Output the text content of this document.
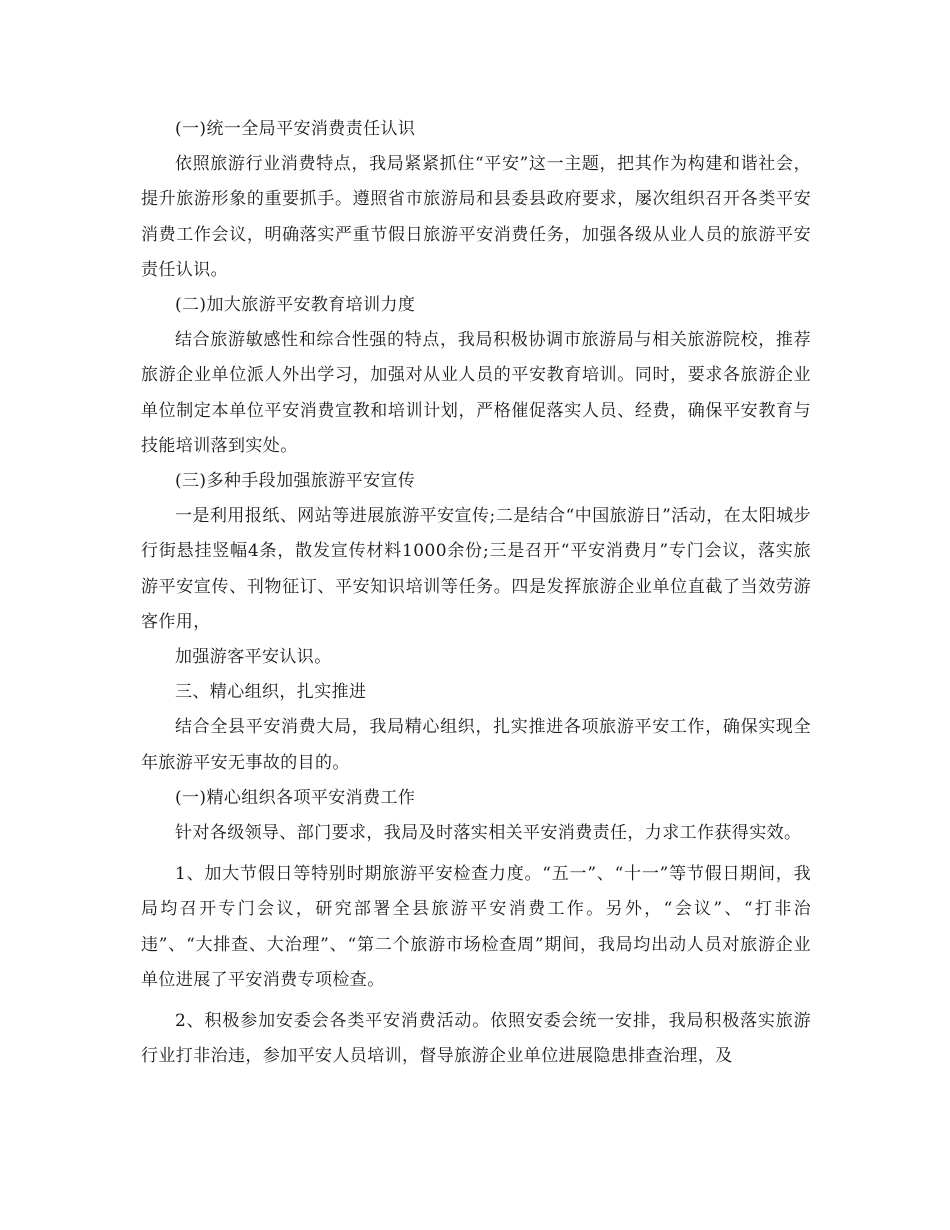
(一)统一全局平安消费责任认识

依照旅游行业消费特点，我局紧紧抓住“平安”这一主题，把其作为构建和谐社会，提升旅游形象的重要抓手。遵照省市旅游局和县委县政府要求，屡次组织召开各类平安消费工作会议，明确落实严重节假日旅游平安消费任务，加强各级从业人员的旅游平安责任认识。

(二)加大旅游平安教育培训力度

结合旅游敏感性和综合性强的特点，我局积极协调市旅游局与相关旅游院校，推荐旅游企业单位派人外出学习，加强对从业人员的平安教育培训。同时，要求各旅游企业单位制定本单位平安消费宣教和培训计划，严格催促落实人员、经费，确保平安教育与技能培训落到实处。

(三)多种手段加强旅游平安宣传

一是利用报纸、网站等进展旅游平安宣传;二是结合“中国旅游日”活动，在太阳城步行街悬挂竖幅4条，散发宣传材料1000余份;三是召开“平安消费月”专门会议，落实旅游平安宣传、刊物征订、平安知识培训等任务。四是发挥旅游企业单位直截了当效劳游客作用，

加强游客平安认识。

三、精心组织，扎实推进

结合全县平安消费大局，我局精心组织，扎实推进各项旅游平安工作，确保实现全年旅游平安无事故的目的。

(一)精心组织各项平安消费工作

针对各级领导、部门要求，我局及时落实相关平安消费责任，力求工作获得实效。

1、加大节假日等特别时期旅游平安检查力度。“五一”、“十一”等节假日期间，我局均召开专门会议，研究部署全县旅游平安消费工作。另外，“会议”、“打非治违”、“大排查、大治理”、“第二个旅游市场检查周”期间，我局均出动人员对旅游企业单位进展了平安消费专项检查。

2、积极参加安委会各类平安消费活动。依照安委会统一安排，我局积极落实旅游行业打非治违，参加平安人员培训，督导旅游企业单位进展隐患排查治理，及
